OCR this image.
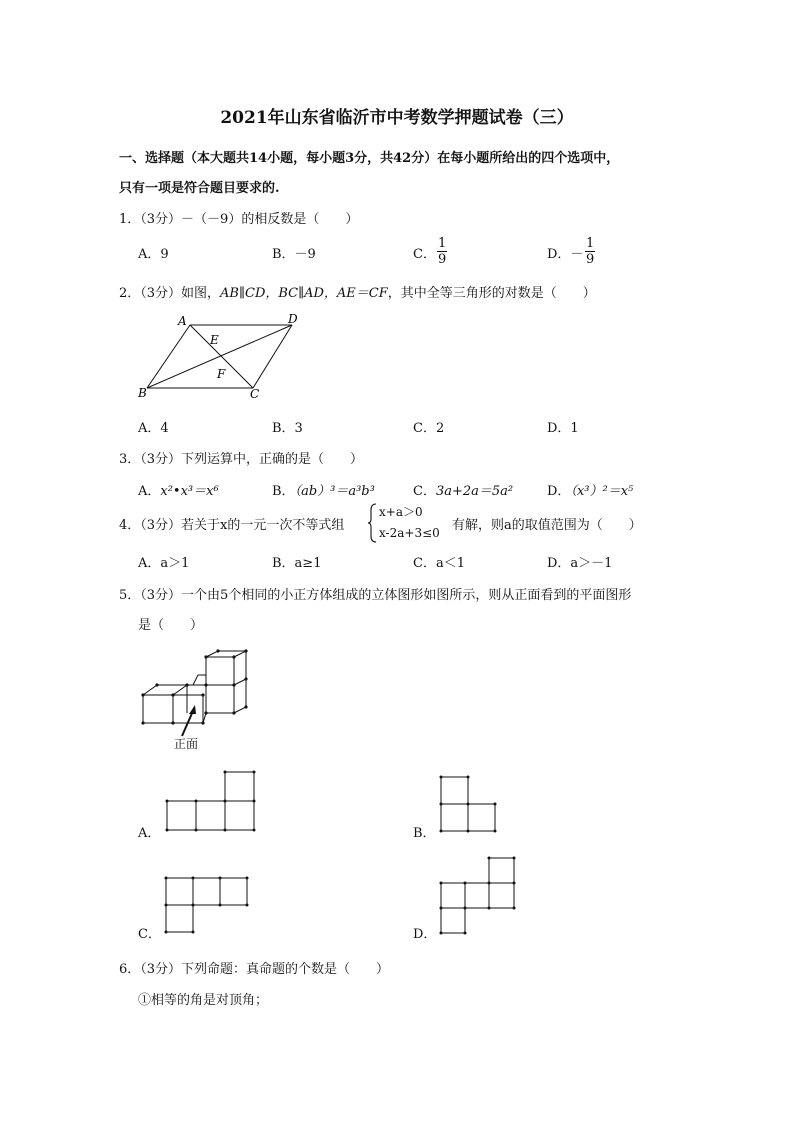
2021年山东省临沂市中考数学押题试卷（三）
一、选择题（本大题共14小题，每小题3分，共42分）在每小题所给出的四个选项中，
只有一项是符合题目要求的.
1．（3分）－（－9）的相反数是（　　）
A．9	B．－9	C． $\frac{1}{9}$	D．－ $\frac{1}{9}$
2．（3分）如图，AB∥CD，BC∥AD，AE＝CF，其中全等三角形的对数是（　　）
A	D
E
F
B	C
A．4	B．3	C．2	D．1
3．（3分）下列运算中，正确的是（　　）
A．x²•x³＝x⁶	B．（ab）³＝a³b³	C．3a+2a＝5a²	D．（x³）²＝x⁵
4．（3分）若关于x的一元一次不等式组
x+a＞0
x-2a+3≤0 有解，则a的取值范围为（　　）
A．a＞1	B．a≥1	C．a＜1	D．a＞－1
5．（3分）一个由5个相同的小正方体组成的立体图形如图所示，则从正面看到的平面图形
是（　　）
正面
A．	B．
C．	D．
6．（3分）下列命题：真命题的个数是（　　）
①相等的角是对顶角；
